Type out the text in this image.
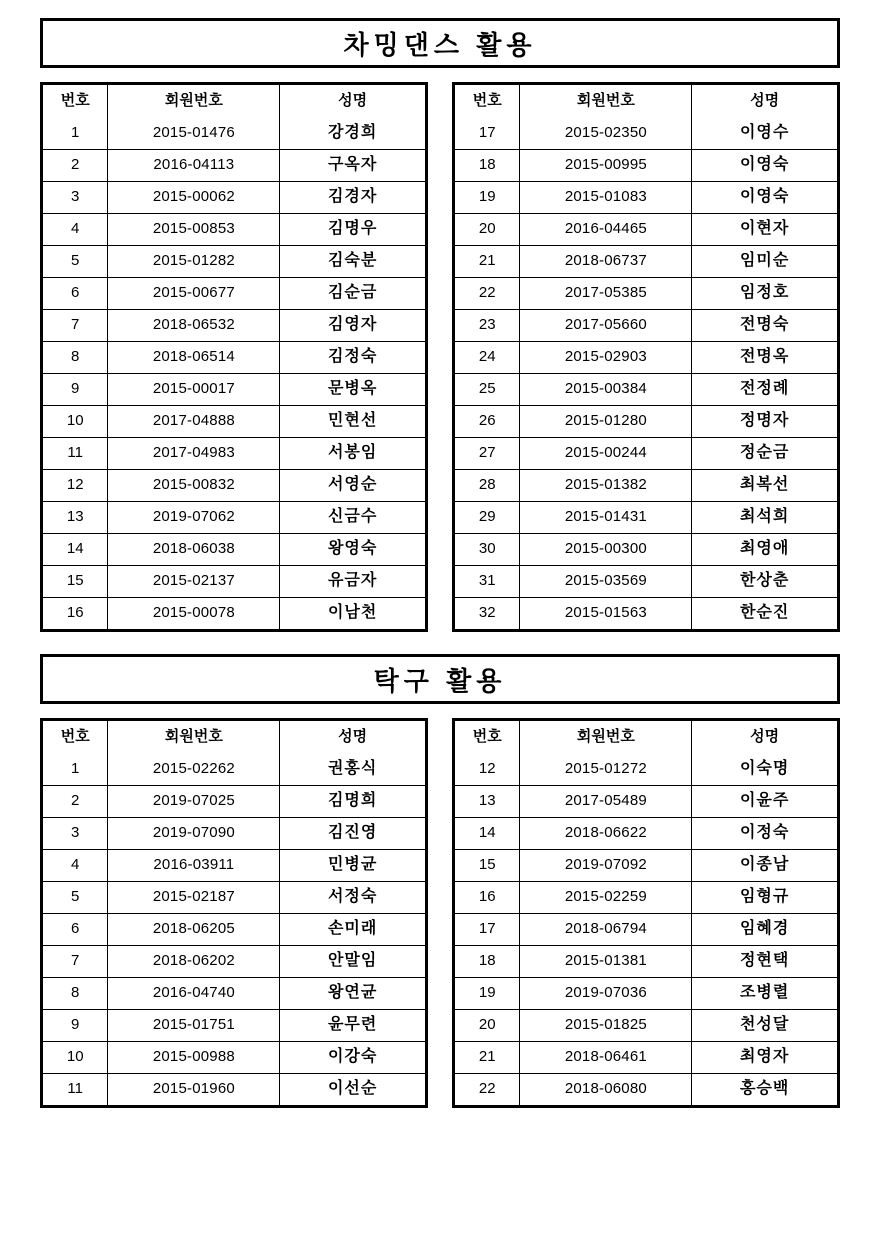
차밍댄스 활용
번호	회원번호	성명
1	2015-01476	강경희
2	2016-04113	구옥자
3	2015-00062	김경자
4	2015-00853	김명우
5	2015-01282	김숙분
6	2015-00677	김순금
7	2018-06532	김영자
8	2018-06514	김정숙
9	2015-00017	문병옥
10	2017-04888	민현선
11	2017-04983	서봉임
12	2015-00832	서영순
13	2019-07062	신금수
14	2018-06038	왕영숙
15	2015-02137	유금자
16	2015-00078	이남천
번호	회원번호	성명
17	2015-02350	이영수
18	2015-00995	이영숙
19	2015-01083	이영숙
20	2016-04465	이현자
21	2018-06737	임미순
22	2017-05385	임정호
23	2017-05660	전명숙
24	2015-02903	전명옥
25	2015-00384	전정례
26	2015-01280	정명자
27	2015-00244	정순금
28	2015-01382	최복선
29	2015-01431	최석희
30	2015-00300	최영애
31	2015-03569	한상춘
32	2015-01563	한순진
탁구 활용
번호	회원번호	성명
1	2015-02262	권홍식
2	2019-07025	김명희
3	2019-07090	김진영
4	2016-03911	민병균
5	2015-02187	서정숙
6	2018-06205	손미래
7	2018-06202	안말임
8	2016-04740	왕연균
9	2015-01751	윤무련
10	2015-00988	이강숙
11	2015-01960	이선순
번호	회원번호	성명
12	2015-01272	이숙명
13	2017-05489	이윤주
14	2018-06622	이정숙
15	2019-07092	이종남
16	2015-02259	임형규
17	2018-06794	임혜경
18	2015-01381	정현택
19	2019-07036	조병렬
20	2015-01825	천성달
21	2018-06461	최영자
22	2018-06080	홍승백
